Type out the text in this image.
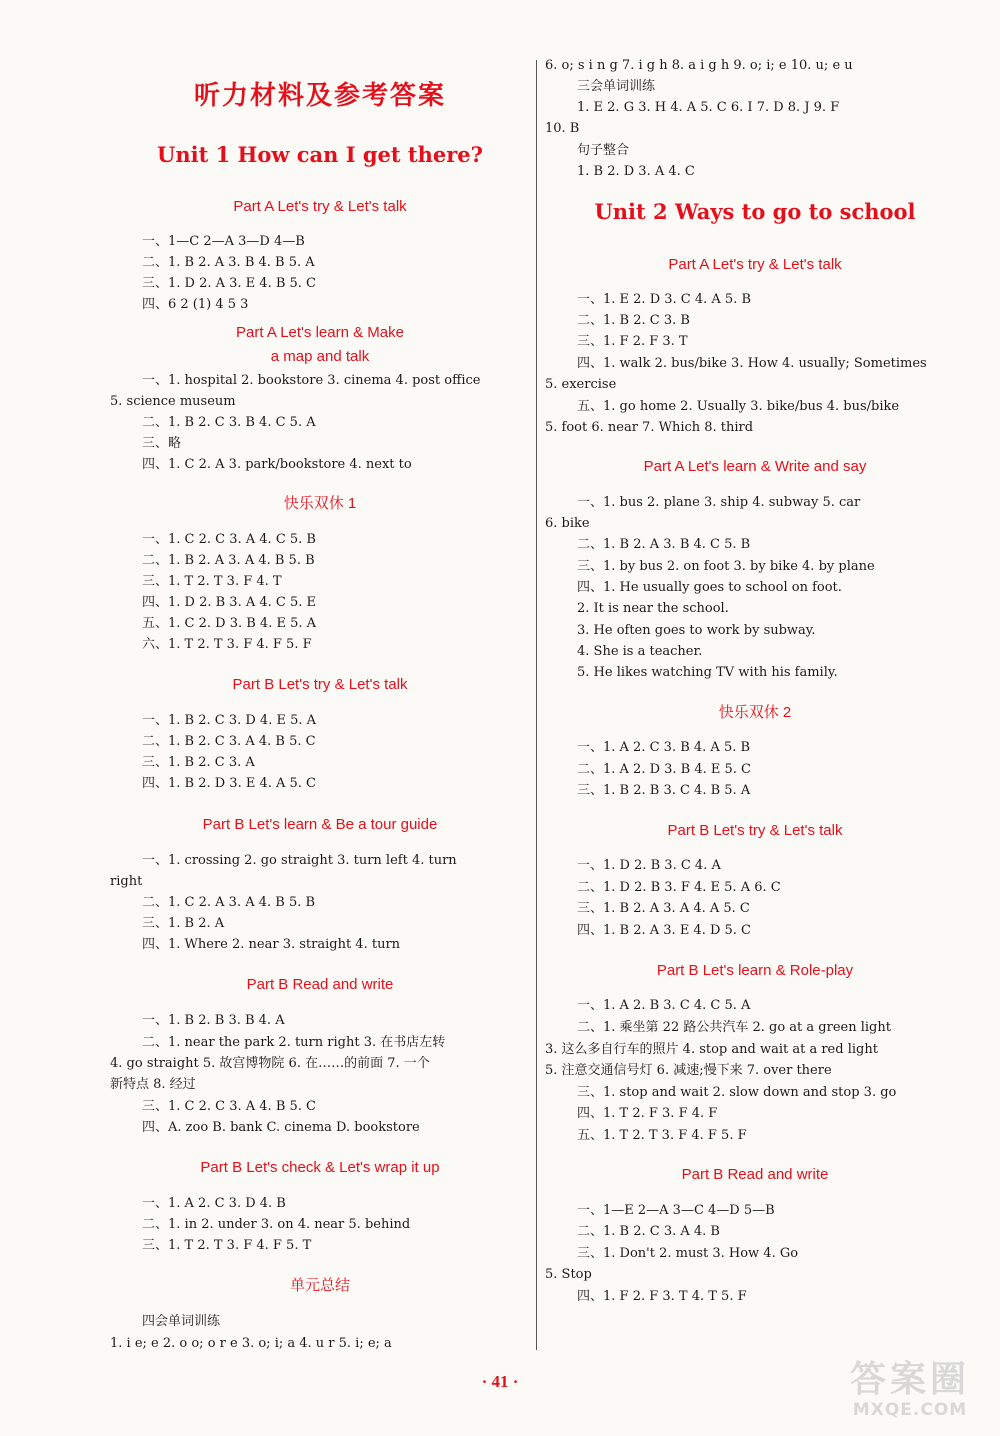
听力材料及参考答案
Unit 1 How can I get there?
Part A Let's try & Let's talk
一、1—C 2—A 3—D 4—B
二、1. B 2. A 3. B 4. B 5. A
三、1. D 2. A 3. E 4. B 5. C
四、6 2 (1) 4 5 3
Part A Let's learn & Make
a map and talk
一、1. hospital 2. bookstore 3. cinema 4. post office
5. science museum
二、1. B 2. C 3. B 4. C 5. A
三、略
四、1. C 2. A 3. park/bookstore 4. next to
快乐双休 1
一、1. C 2. C 3. A 4. C 5. B
二、1. B 2. A 3. A 4. B 5. B
三、1. T 2. T 3. F 4. T
四、1. D 2. B 3. A 4. C 5. E
五、1. C 2. D 3. B 4. E 5. A
六、1. T 2. T 3. F 4. F 5. F
Part B Let's try & Let's talk
一、1. B 2. C 3. D 4. E 5. A
二、1. B 2. C 3. A 4. B 5. C
三、1. B 2. C 3. A
四、1. B 2. D 3. E 4. A 5. C
Part B Let's learn & Be a tour guide
一、1. crossing 2. go straight 3. turn left 4. turn
right
二、1. C 2. A 3. A 4. B 5. B
三、1. B 2. A
四、1. Where 2. near 3. straight 4. turn
Part B Read and write
一、1. B 2. B 3. B 4. A
二、1. near the park 2. turn right 3. 在书店左转
4. go straight 5. 故宫博物院 6. 在……的前面 7. 一个
新特点 8. 经过
三、1. C 2. C 3. A 4. B 5. C
四、A. zoo B. bank C. cinema D. bookstore
Part B Let's check & Let's wrap it up
一、1. A 2. C 3. D 4. B
二、1. in 2. under 3. on 4. near 5. behind
三、1. T 2. T 3. F 4. F 5. T
单元总结
四会单词训练
1. i e; e 2. o o; o r e 3. o; i; a 4. u r 5. i; e; a
6. o; s i n g 7. i g h 8. a i g h 9. o; i; e 10. u; e u
三会单词训练
1. E 2. G 3. H 4. A 5. C 6. I 7. D 8. J 9. F
10. B
句子整合
1. B 2. D 3. A 4. C
Unit 2 Ways to go to school
Part A Let's try & Let's talk
一、1. E 2. D 3. C 4. A 5. B
二、1. B 2. C 3. B
三、1. F 2. F 3. T
四、1. walk 2. bus/bike 3. How 4. usually; Sometimes
5. exercise
五、1. go home 2. Usually 3. bike/bus 4. bus/bike
5. foot 6. near 7. Which 8. third
Part A Let's learn & Write and say
一、1. bus 2. plane 3. ship 4. subway 5. car
6. bike
二、1. B 2. A 3. B 4. C 5. B
三、1. by bus 2. on foot 3. by bike 4. by plane
四、1. He usually goes to school on foot.
2. It is near the school.
3. He often goes to work by subway.
4. She is a teacher.
5. He likes watching TV with his family.
快乐双休 2
一、1. A 2. C 3. B 4. A 5. B
二、1. A 2. D 3. B 4. E 5. C
三、1. B 2. B 3. C 4. B 5. A
Part B Let's try & Let's talk
一、1. D 2. B 3. C 4. A
二、1. D 2. B 3. F 4. E 5. A 6. C
三、1. B 2. A 3. A 4. A 5. C
四、1. B 2. A 3. E 4. D 5. C
Part B Let's learn & Role-play
一、1. A 2. B 3. C 4. C 5. A
二、1. 乘坐第 22 路公共汽车 2. go at a green light
3. 这么多自行车的照片 4. stop and wait at a red light
5. 注意交通信号灯 6. 减速;慢下来 7. over there
三、1. stop and wait 2. slow down and stop 3. go
四、1. T 2. F 3. F 4. F
五、1. T 2. T 3. F 4. F 5. F
Part B Read and write
一、1—E 2—A 3—C 4—D 5—B
二、1. B 2. C 3. A 4. B
三、1. Don't 2. must 3. How 4. Go
5. Stop
四、1. F 2. F 3. T 4. T 5. F
· 41 ·	答案圈
MXQE.COM
